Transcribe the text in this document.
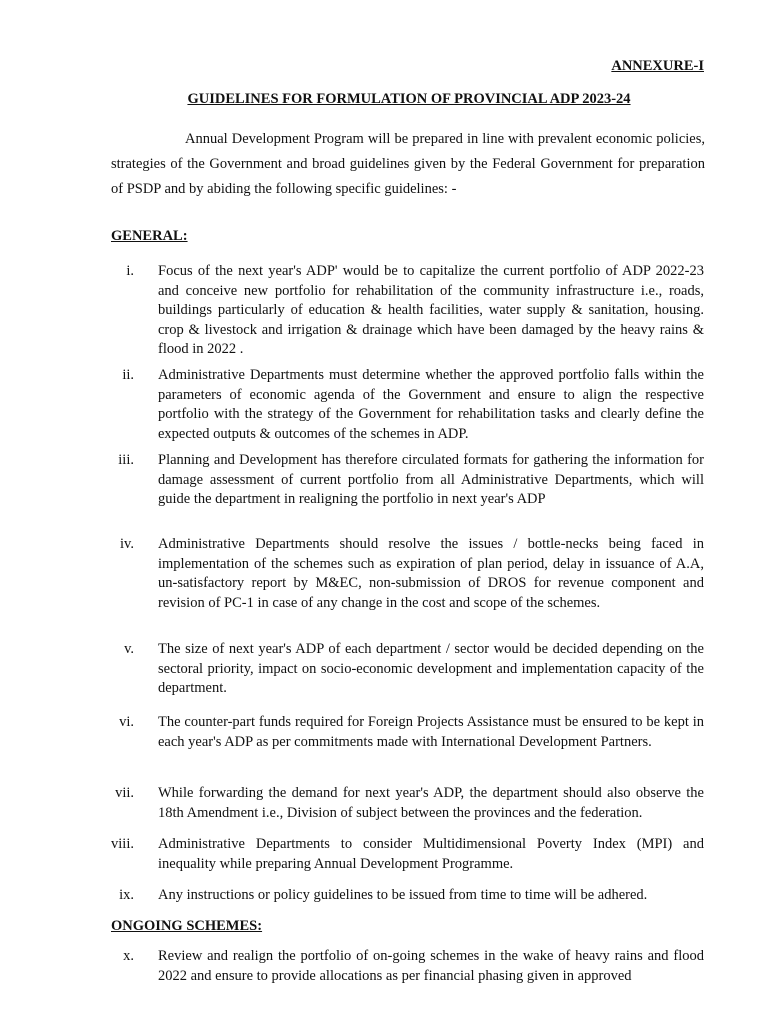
ANNEXURE-I
GUIDELINES FOR FORMULATION OF PROVINCIAL ADP 2023-24
Annual Development Program will be prepared in line with prevalent economic policies, strategies of the Government and broad guidelines given by the Federal Government for preparation of PSDP and by abiding the following specific guidelines: -
GENERAL:
i. Focus of the next year's ADP' would be to capitalize the current portfolio of ADP 2022-23 and conceive new portfolio for rehabilitation of the community infrastructure i.e., roads, buildings particularly of education & health facilities, water supply & sanitation, housing. crop & livestock and irrigation & drainage which have been damaged by the heavy rains & flood in 2022 .
ii. Administrative Departments must determine whether the approved portfolio falls within the parameters of economic agenda of the Government and ensure to align the respective portfolio with the strategy of the Government for rehabilitation tasks and clearly define the expected outputs & outcomes of the schemes in ADP.
iii. Planning and Development has therefore circulated formats for gathering the information for damage assessment of current portfolio from all Administrative Departments, which will guide the department in realigning the portfolio in next year's ADP
iv. Administrative Departments should resolve the issues / bottle-necks being faced in implementation of the schemes such as expiration of plan period, delay in issuance of A.A, un-satisfactory report by M&EC, non-submission of DROS for revenue component and revision of PC-1 in case of any change in the cost and scope of the schemes.
v. The size of next year's ADP of each department / sector would be decided depending on the sectoral priority, impact on socio-economic development and implementation capacity of the department.
vi. The counter-part funds required for Foreign Projects Assistance must be ensured to be kept in each year's ADP as per commitments made with International Development Partners.
vii. While forwarding the demand for next year's ADP, the department should also observe the 18th Amendment i.e., Division of subject between the provinces and the federation.
viii. Administrative Departments to consider Multidimensional Poverty Index (MPI) and inequality while preparing Annual Development Programme.
ix. Any instructions or policy guidelines to be issued from time to time will be adhered.
ONGOING SCHEMES:
x. Review and realign the portfolio of on-going schemes in the wake of heavy rains and flood 2022 and ensure to provide allocations as per financial phasing given in approved
